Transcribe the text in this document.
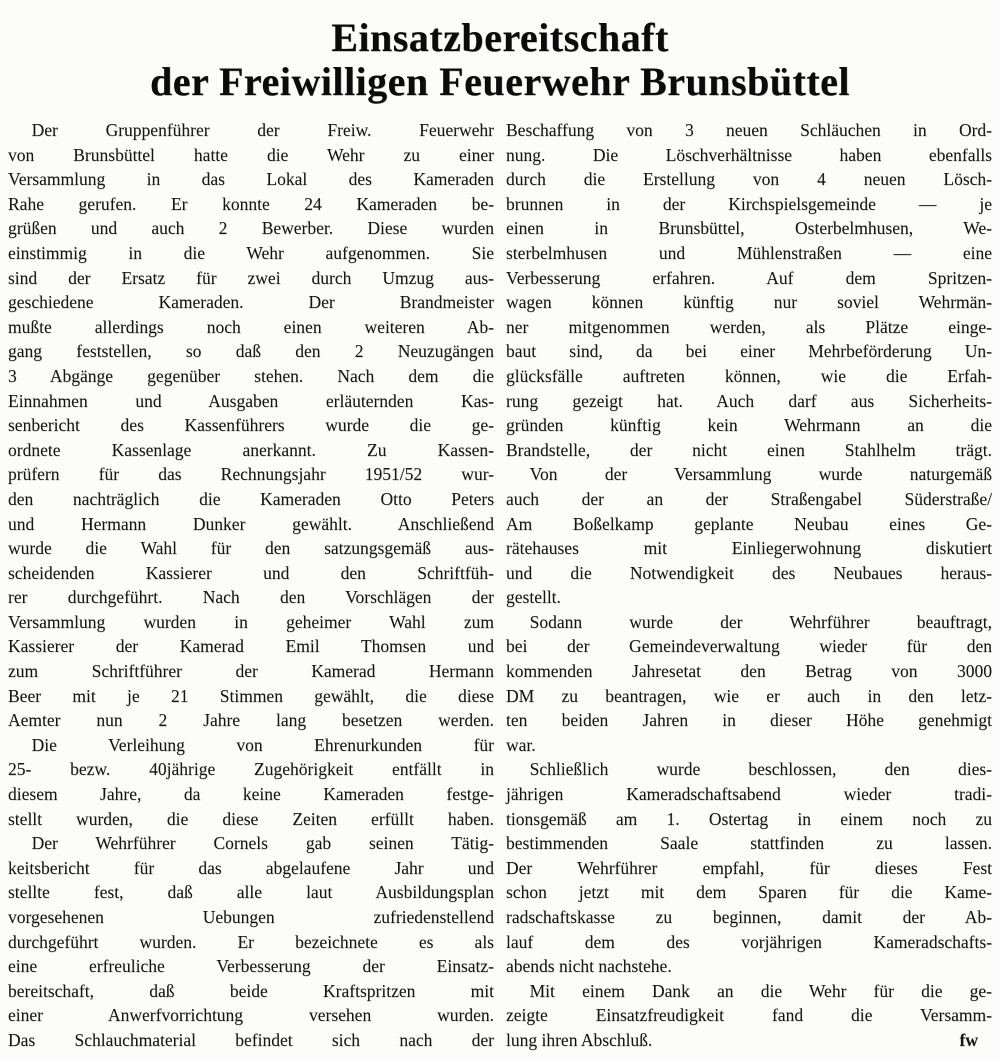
Einsatzbereitschaft
der Freiwilligen Feuerwehr Brunsbüttel
Der Gruppenführer der Freiw. Feuerwehr
von Brunsbüttel hatte die Wehr zu einer
Versammlung in das Lokal des Kameraden
Rahe gerufen. Er konnte 24 Kameraden be-
grüßen und auch 2 Bewerber. Diese wurden
einstimmig in die Wehr aufgenommen. Sie
sind der Ersatz für zwei durch Umzug aus-
geschiedene Kameraden. Der Brandmeister
mußte allerdings noch einen weiteren Ab-
gang feststellen, so daß den 2 Neuzugängen
3 Abgänge gegenüber stehen. Nach dem die
Einnahmen und Ausgaben erläuternden Kas-
senbericht des Kassenführers wurde die ge-
ordnete Kassenlage anerkannt. Zu Kassen-
prüfern für das Rechnungsjahr 1951/52 wur-
den nachträglich die Kameraden Otto Peters
und Hermann Dunker gewählt. Anschließend
wurde die Wahl für den satzungsgemäß aus-
scheidenden Kassierer und den Schriftfüh-
rer durchgeführt. Nach den Vorschlägen der
Versammlung wurden in geheimer Wahl zum
Kassierer der Kamerad Emil Thomsen und
zum Schriftführer der Kamerad Hermann
Beer mit je 21 Stimmen gewählt, die diese
Aemter nun 2 Jahre lang besetzen werden.
Die Verleihung von Ehrenurkunden für
25- bezw. 40jährige Zugehörigkeit entfällt in
diesem Jahre, da keine Kameraden festge-
stellt wurden, die diese Zeiten erfüllt haben.
Der Wehrführer Cornels gab seinen Tätig-
keitsbericht für das abgelaufene Jahr und
stellte fest, daß alle laut Ausbildungsplan
vorgesehenen Uebungen zufriedenstellend
durchgeführt wurden. Er bezeichnete es als
eine erfreuliche Verbesserung der Einsatz-
bereitschaft, daß beide Kraftspritzen mit
einer Anwerfvorrichtung versehen wurden.
Das Schlauchmaterial befindet sich nach der
Beschaffung von 3 neuen Schläuchen in Ord-
nung. Die Löschverhältnisse haben ebenfalls
durch die Erstellung von 4 neuen Lösch-
brunnen in der Kirchspielsgemeinde — je
einen in Brunsbüttel, Osterbelmhusen, We-
sterbelmhusen und Mühlenstraßen — eine
Verbesserung erfahren. Auf dem Spritzen-
wagen können künftig nur soviel Wehrmän-
ner mitgenommen werden, als Plätze einge-
baut sind, da bei einer Mehrbeförderung Un-
glücksfälle auftreten können, wie die Erfah-
rung gezeigt hat. Auch darf aus Sicherheits-
gründen künftig kein Wehrmann an die
Brandstelle, der nicht einen Stahlhelm trägt.
Von der Versammlung wurde naturgemäß
auch der an der Straßengabel Süderstraße/
Am Boßelkamp geplante Neubau eines Ge-
rätehauses mit Einliegerwohnung diskutiert
und die Notwendigkeit des Neubaues heraus-
gestellt.
Sodann wurde der Wehrführer beauftragt,
bei der Gemeindeverwaltung wieder für den
kommenden Jahresetat den Betrag von 3000
DM zu beantragen, wie er auch in den letz-
ten beiden Jahren in dieser Höhe genehmigt
war.
Schließlich wurde beschlossen, den dies-
jährigen Kameradschaftsabend wieder tradi-
tionsgemäß am 1. Ostertag in einem noch zu
bestimmenden Saale stattfinden zu lassen.
Der Wehrführer empfahl, für dieses Fest
schon jetzt mit dem Sparen für die Kame-
radschaftskasse zu beginnen, damit der Ab-
lauf dem des vorjährigen Kameradschafts-
abends nicht nachstehe.
Mit einem Dank an die Wehr für die ge-
zeigte Einsatzfreudigkeit fand die Versamm-
lung ihren Abschluß.	fw
